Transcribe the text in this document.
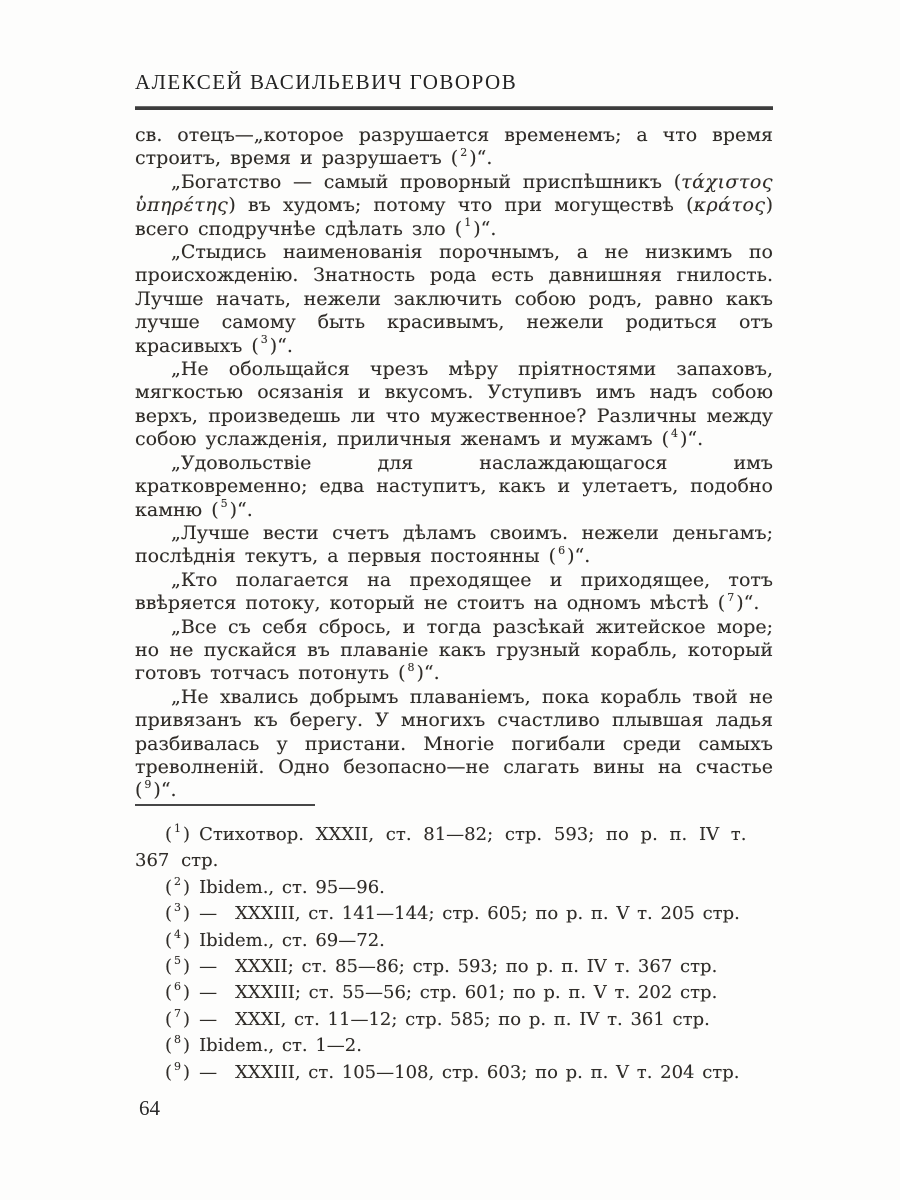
АЛЕКСЕЙ ВАСИЛЬЕВИЧ ГОВОРОВ

св. отецъ—„которое разрушается временемъ; а что время строитъ, время и разрушаетъ ( $^2$ )“.

„Богатство — самый проворный приспѣшникъ (τάχιστος ὑπηρέτης) въ худомъ; потому что при могуществѣ (κράτος) всего сподручнѣе сдѣлать зло ( $^1$ )“.

„Стыдись наименованія порочнымъ, а не низкимъ по происхожденію. Знатность рода есть давнишняя гнилость. Лучше начать, нежели заключить собою родъ, равно какъ лучше самому быть красивымъ, нежели родиться отъ красивыхъ ( $^3$ )“.

„Не обольщайся чрезъ мѣру пріятностями запаховъ, мягкостью осязанія и вкусомъ. Уступивъ имъ надъ собою верхъ, произведешь ли что мужественное? Различны между собою услажденія, приличныя женамъ и мужамъ ( $^4$ )“.

„Удовольствіе для наслаждающагося имъ кратковременно; едва наступитъ, какъ и улетаетъ, подобно камню ( $^5$ )“.

„Лучше вести счетъ дѣламъ своимъ. нежели деньгамъ; послѣднія текутъ, а первыя постоянны ( $^6$ )“.

„Кто полагается на преходящее и приходящее, тотъ ввѣряется потоку, который не стоитъ на одномъ мѣстѣ ( $^7$ )“.

„Все съ себя сбрось, и тогда разсѣкай житейское море; но не пускайся въ плаваніе какъ грузный корабль, который готовъ тотчасъ потонуть ( $^8$ )“.

„Не хвались добрымъ плаваніемъ, пока корабль твой не привязанъ къ берегу. У многихъ счастливо плывшая ладья разбивалась у пристани. Многіе погибали среди самыхъ треволненій. Одно безопасно—не слагать вины на счастье ( $^9$ )“.

( $^1$ ) Стихотвор. XXXII, ст. 81—82; стр. 593; по р. п. IV т.
367 стр.

( $^2$ ) Ibidem., ст. 95—96.

( $^3$ ) — XXXIII, ст. 141—144; стр. 605; по р. п. V т. 205 стр.

( $^4$ ) Ibidem., ст. 69—72.

( $^5$ ) — XXXII; ст. 85—86; стр. 593; по р. п. IV т. 367 стр.

( $^6$ ) — XXXIII; ст. 55—56; стр. 601; по р. п. V т. 202 стр.

( $^7$ ) — XXXI, ст. 11—12; стр. 585; по р. п. IV т. 361 стр.

( $^8$ ) Ibidem., ст. 1—2.

( $^9$ ) — XXXIII, ст. 105—108, стр. 603; по р. п. V т. 204 стр.

64
